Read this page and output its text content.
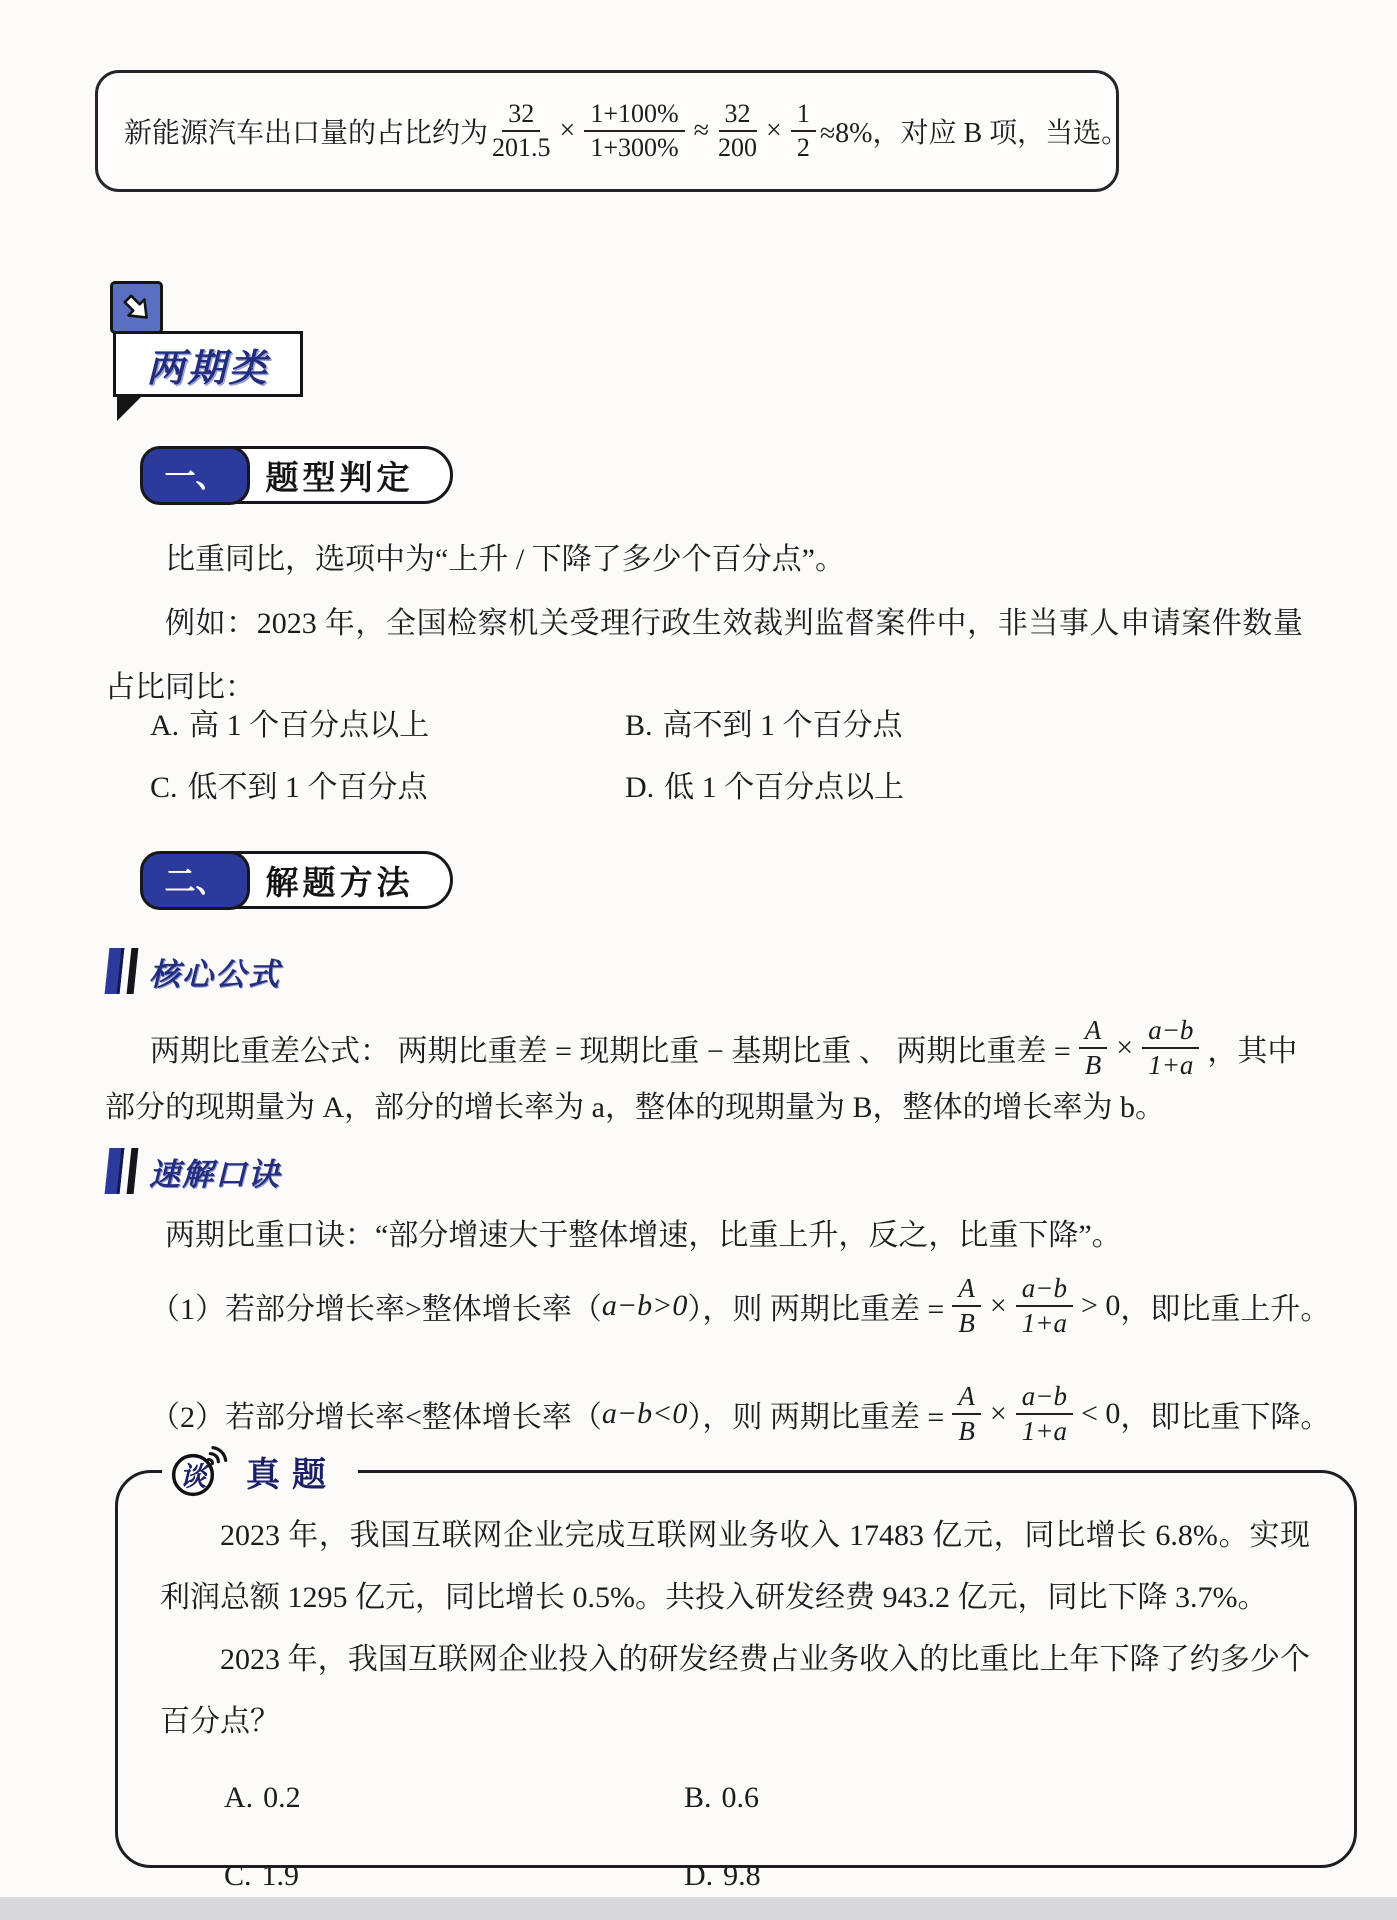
新能源汽车出口量的占比约为 $\frac{32}{201.5} \times \frac{1+100\%}{1+300\%} \approx \frac{32}{200} \times \frac{1}{2} \approx 8\%$，对应 B 项，当选。
两期类
一、	题型判定
比重同比，选项中为“上升 / 下降了多少个百分点”。
例如：2023 年，全国检察机关受理行政生效裁判监督案件中，非当事人申请案件数量占比同比：
A. 高 1 个百分点以上	B. 高不到 1 个百分点
C. 低不到 1 个百分点	D. 低 1 个百分点以上
二、	解题方法
核心公式
两期比重差公式： 两期比重差 = 现期比重 − 基期比重 、 两期比重差 = $\frac{A}{B} \times \frac{a-b}{1+a}$ ，其中
部分的现期量为 A，部分的增长率为 a，整体的现期量为 B，整体的增长率为 b。
速解口诀
两期比重口诀：“部分增速大于整体增速，比重上升，反之，比重下降”。
（1）若部分增长率>整体增长率（ a−b>0 ），则 两期比重差 = $\frac{A}{B} \times \frac{a-b}{1+a} > 0$ ，即比重上升。
（2）若部分增长率<整体增长率（ a−b<0 ），则 两期比重差 = $\frac{A}{B} \times \frac{a-b}{1+a} < 0$ ，即比重下降。

2023 年，我国互联网企业完成互联网业务收入 17483 亿元，同比增长 6.8%。实现利润总额 1295 亿元，同比增长 0.5%。共投入研发经费 943.2 亿元，同比下降 3.7%。

2023 年，我国互联网企业投入的研发经费占业务收入的比重比上年下降了约多少个百分点？

A. 0.2	B. 0.6
C. 1.9	D. 9.8
谈 真题
